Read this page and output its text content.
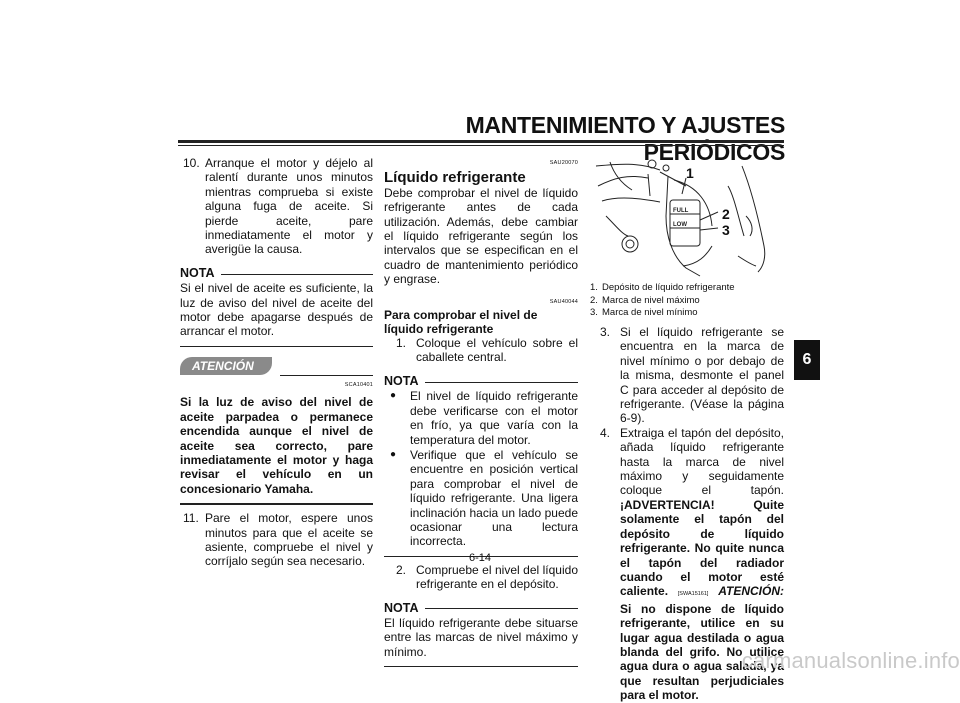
MANTENIMIENTO Y AJUSTES PERIÓDICOS
10. Arranque el motor y déjelo al ralentí durante unos minutos mientras comprueba si existe alguna fuga de aceite. Si pierde aceite, pare inmediatamente el motor y averigüe la causa.
NOTA
Si el nivel de aceite es suficiente, la luz de aviso del nivel de aceite del motor debe apagarse después de arrancar el motor.
ATENCIÓN
SCA10401
Si la luz de aviso del nivel de aceite parpadea o permanece encendida aunque el nivel de aceite sea correcto, pare inmediatamente el motor y haga revisar el vehículo en un concesionario Yamaha.
11. Pare el motor, espere unos minutos para que el aceite se asiente, compruebe el nivel y corríjalo según sea necesario.
SAU20070
Líquido refrigerante
Debe comprobar el nivel de líquido refrigerante antes de cada utilización. Además, debe cambiar el líquido refrigerante según los intervalos que se especifican en el cuadro de mantenimiento periódico y engrase.
SAU40044
Para comprobar el nivel de líquido refrigerante
1. Coloque el vehículo sobre el caballete central.
NOTA
●	El nivel de líquido refrigerante debe verificarse con el motor en frío, ya que varía con la temperatura del motor.
●	Verifique que el vehículo se encuentre en posición vertical para comprobar el nivel de líquido refrigerante. Una ligera inclinación hacia un lado puede ocasionar una lectura incorrecta.
2. Compruebe el nivel del líquido refrigerante en el depósito.
NOTA
El líquido refrigerante debe situarse entre las marcas de nivel máximo y mínimo.
FULL
LOW
1
2
3
1. Depósito de líquido refrigerante
2. Marca de nivel máximo
3. Marca de nivel mínimo
3. Si el líquido refrigerante se encuentra en la marca de nivel mínimo o por debajo de la misma, desmonte el panel C para acceder al depósito de refrigerante. (Véase la página 6-9).
4. Extraiga el tapón del depósito, añada líquido refrigerante hasta la marca de nivel máximo y seguidamente coloque el tapón. ¡ADVERTENCIA! Quite solamente el tapón del depósito de líquido refrigerante. No quite nunca el tapón del radiador cuando el motor esté caliente. [SWA15161] ATENCIÓN: Si no dispone de líquido refrigerante, utilice en su lugar agua destilada o agua blanda del grifo. No utilice agua dura o agua salada, ya que resultan perjudiciales para el motor.
6
6-14
carmanualsonline.info
